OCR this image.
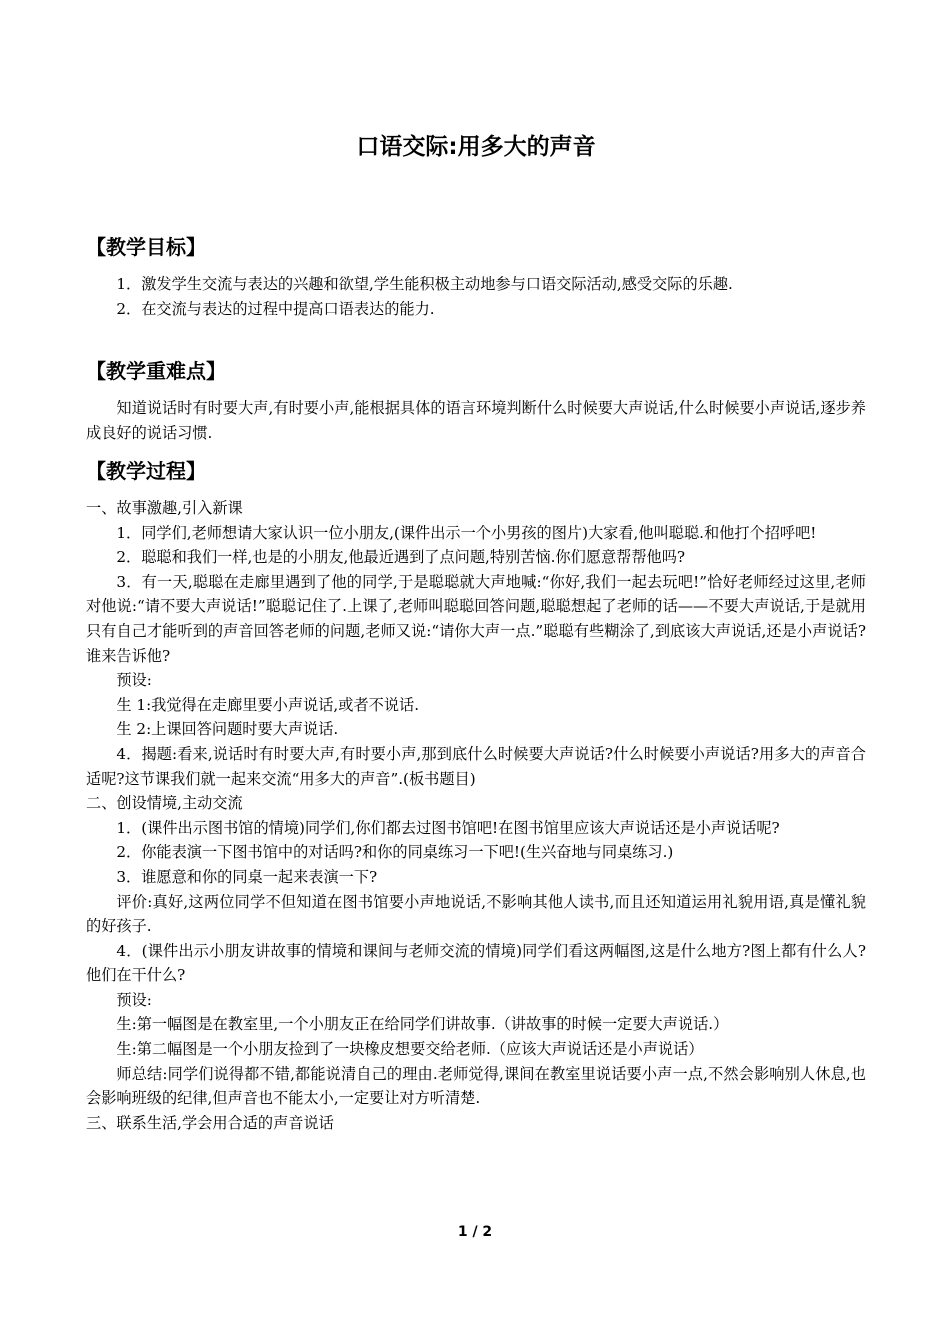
口语交际:用多大的声音
【教学目标】

1．激发学生交流与表达的兴趣和欲望,学生能积极主动地参与口语交际活动,感受交际的乐趣.

2．在交流与表达的过程中提高口语表达的能力.

【教学重难点】

知道说话时有时要大声,有时要小声,能根据具体的语言环境判断什么时候要大声说话,什么时候要小声说话,逐步养成良好的说话习惯.

【教学过程】

一、故事激趣,引入新课

1．同学们,老师想请大家认识一位小朋友,(课件出示一个小男孩的图片)大家看,他叫聪聪.和他打个招呼吧!

2．聪聪和我们一样,也是的小朋友,他最近遇到了点问题,特别苦恼.你们愿意帮帮他吗?

3．有一天,聪聪在走廊里遇到了他的同学,于是聪聪就大声地喊:“你好,我们一起去玩吧!”恰好老师经过这里,老师对他说:“请不要大声说话!”聪聪记住了.上课了,老师叫聪聪回答问题,聪聪想起了老师的话——不要大声说话,于是就用只有自己才能听到的声音回答老师的问题,老师又说:“请你大声一点.”聪聪有些糊涂了,到底该大声说话,还是小声说话?谁来告诉他?

预设:

生 1:我觉得在走廊里要小声说话,或者不说话.

生 2:上课回答问题时要大声说话.

4．揭题:看来,说话时有时要大声,有时要小声,那到底什么时候要大声说话?什么时候要小声说话?用多大的声音合适呢?这节课我们就一起来交流“用多大的声音”.(板书题目)

二、创设情境,主动交流

1．(课件出示图书馆的情境)同学们,你们都去过图书馆吧!在图书馆里应该大声说话还是小声说话呢?

2．你能表演一下图书馆中的对话吗?和你的同桌练习一下吧!(生兴奋地与同桌练习.)

3．谁愿意和你的同桌一起来表演一下?

评价:真好,这两位同学不但知道在图书馆要小声地说话,不影响其他人读书,而且还知道运用礼貌用语,真是懂礼貌的好孩子.

4．(课件出示小朋友讲故事的情境和课间与老师交流的情境)同学们看这两幅图,这是什么地方?图上都有什么人?他们在干什么?

预设:

生:第一幅图是在教室里,一个小朋友正在给同学们讲故事.（讲故事的时候一定要大声说话.）

生:第二幅图是一个小朋友捡到了一块橡皮想要交给老师.（应该大声说话还是小声说话）

师总结:同学们说得都不错,都能说清自己的理由.老师觉得,课间在教室里说话要小声一点,不然会影响别人休息,也会影响班级的纪律,但声音也不能太小,一定要让对方听清楚.

三、联系生活,学会用合适的声音说话

1 / 2
